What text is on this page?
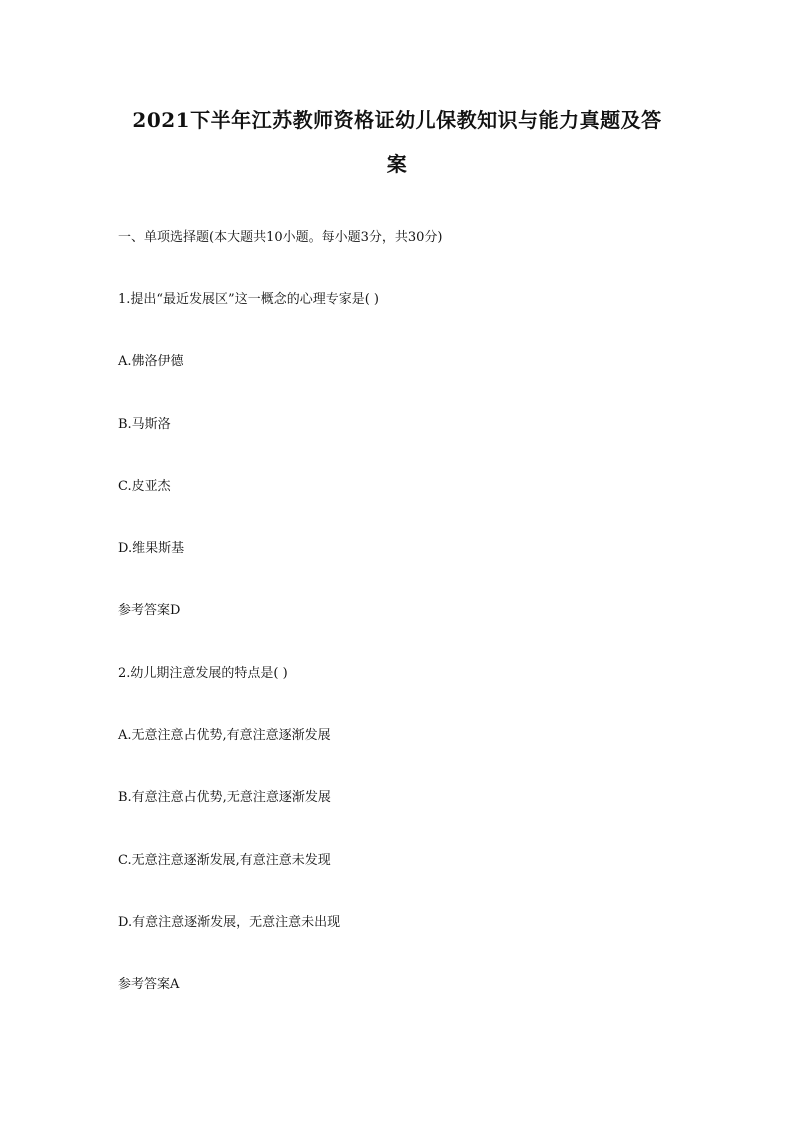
2021下半年江苏教师资格证幼儿保教知识与能力真题及答
案
一、单项选择题(本大题共10小题。每小题3分，共30分)
1.提出“最近发展区”这一概念的心理专家是( )
A.佛洛伊德
B.马斯洛
C.皮亚杰
D.维果斯基
参考答案D
2.幼儿期注意发展的特点是( )
A.无意注意占优势,有意注意逐渐发展
B.有意注意占优势,无意注意逐渐发展
C.无意注意逐渐发展,有意注意未发现
D.有意注意逐渐发展，无意注意未出现
参考答案A
